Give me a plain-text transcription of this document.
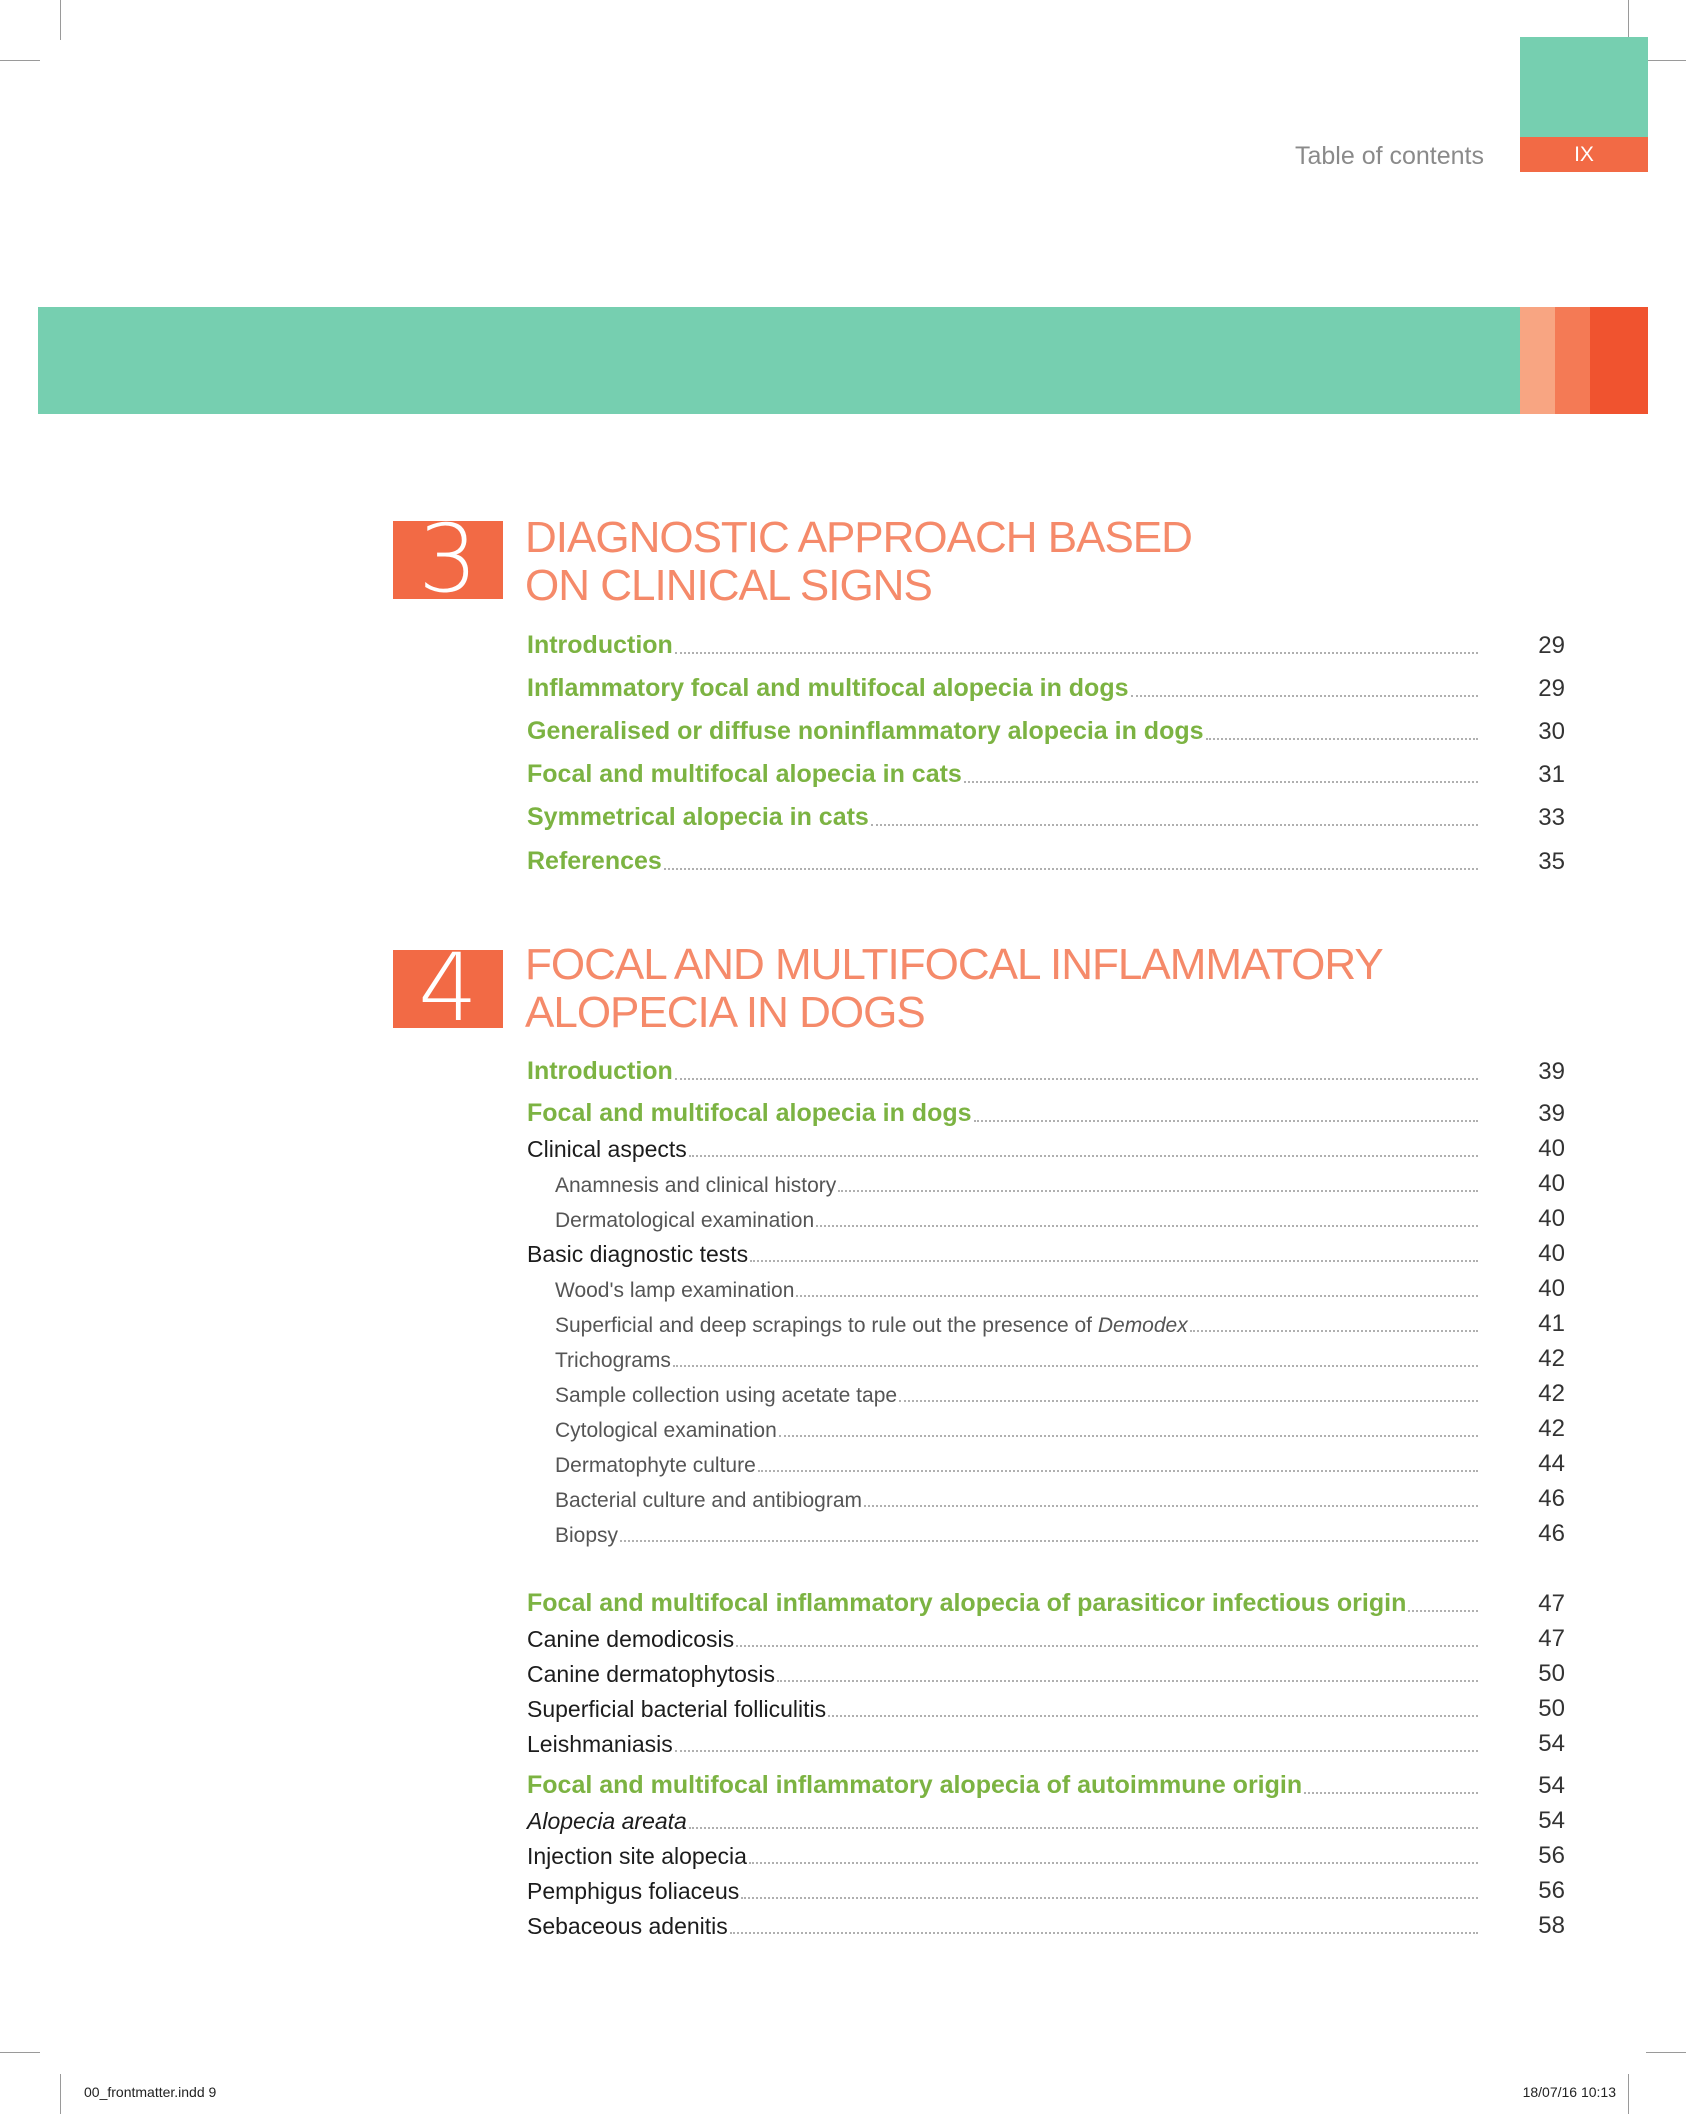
IX
Table of contents
3	DIAGNOSTIC APPROACH BASED
ON CLINICAL SIGNS
Introduction	29
Inflammatory focal and multifocal alopecia in dogs	29
Generalised or diffuse noninflammatory alopecia in dogs	30
Focal and multifocal alopecia in cats	31
Symmetrical alopecia in cats	33
References	35
4	FOCAL AND MULTIFOCAL INFLAMMATORY
ALOPECIA IN DOGS
Introduction	39
Focal and multifocal alopecia in dogs	39
Clinical aspects	40
Anamnesis and clinical history	40
Dermatological examination	40
Basic diagnostic tests	40
Wood's lamp examination	40
Superficial and deep scrapings to rule out the presence of Demodex	41
Trichograms	42
Sample collection using acetate tape	42
Cytological examination	42
Dermatophyte culture	44
Bacterial culture and antibiogram	46
Biopsy	46
Focal and multifocal inflammatory alopecia of parasiticor infectious origin	47
Canine demodicosis	47
Canine dermatophytosis	50
Superficial bacterial folliculitis	50
Leishmaniasis	54
Focal and multifocal inflammatory alopecia of autoimmune origin	54
Alopecia areata	54
Injection site alopecia	56
Pemphigus foliaceus	56
Sebaceous adenitis	58
00_frontmatter.indd 9	18/07/16 10:13
